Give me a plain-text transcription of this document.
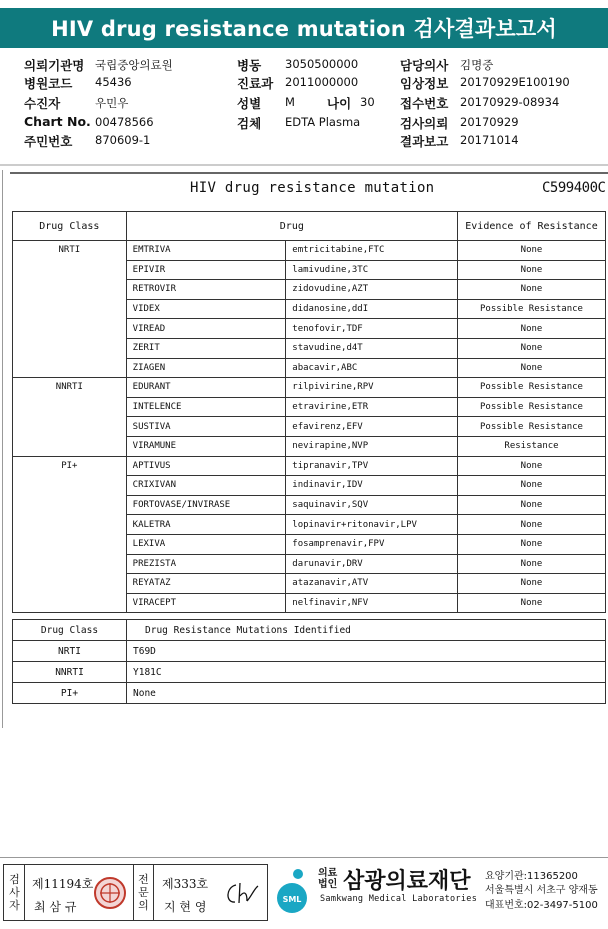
HIV drug resistance mutation 검사결과보고서
의뢰기관명 국립중앙의료원
병원코드 45436
수진자	우민우
Chart No. 00478566
주민번호 870609-1
병동 3050500000
진료과 2011000000
성별 M
검체 EDTA Plasma
담당의사 김명중
임상정보 20170929E100190
접수번호 20170929-08934
검사의뢰 20170929
결과보고 20171014
나이 30
HIV drug resistance mutation	C599400C
Drug Class	Drug		Evidence of Resistance
NRTI	EMTRIVA	emtricitabine,FTC	None
	EPIVIR	lamivudine,3TC	None
	RETROVIR	zidovudine,AZT	None
	VIDEX	didanosine,ddI	Possible Resistance
	VIREAD	tenofovir,TDF	None
	ZERIT	stavudine,d4T	None
	ZIAGEN	abacavir,ABC	None
NNRTI	EDURANT	rilpivirine,RPV	Possible Resistance
	INTELENCE	etravirine,ETR	Possible Resistance
	SUSTIVA	efavirenz,EFV	Possible Resistance
	VIRAMUNE	nevirapine,NVP	Resistance
PI+	APTIVUS	tipranavir,TPV	None
	CRIXIVAN	indinavir,IDV	None
	FORTOVASE/INVIRASE	saquinavir,SQV	None
	KALETRA	lopinavir+ritonavir,LPV	None
	LEXIVA	fosamprenavir,FPV	None
	PREZISTA	darunavir,DRV	None
	REYATAZ	atazanavir,ATV	None
	VIRACEPT	nelfinavir,NFV	None
Drug Class	Drug Resistance Mutations Identified
NRTI	T69D
NNRTI	Y181C
PI+	None
검
사
자
제11194호
최 삼 규
전
문
의
제333호
지 현 영
SML
의료법인 삼광의료재단
Samkwang Medical Laboratories
요양기관:11365200
서울특별시 서초구 양재동
대표번호:02-3497-5100
